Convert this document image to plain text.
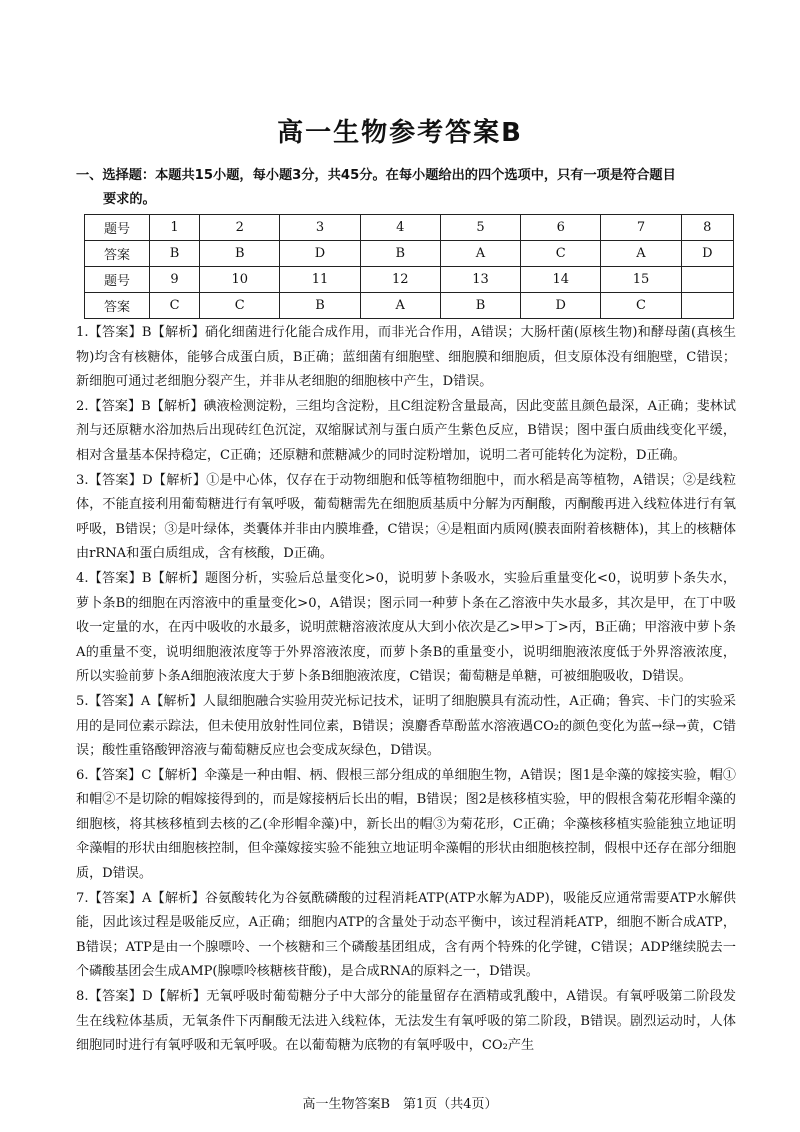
高一生物参考答案B
一、选择题：本题共15小题，每小题3分，共45分。在每小题给出的四个选项中，只有一项是符合题目
要求的。
题号	1	2	3	4	5	6	7	8
答案	B	B	D	B	A	C	A	D
题号	9	10	11	12	13	14	15	
答案	C	C	B	A	B	D	C	

1.【答案】B【解析】硝化细菌进行化能合成作用，而非光合作用，A错误；大肠杆菌(原核生物)和酵母菌(真核生物)均含有核糖体，能够合成蛋白质，B正确；蓝细菌有细胞壁、细胞膜和细胞质，但支原体没有细胞壁，C错误；新细胞可通过老细胞分裂产生，并非从老细胞的细胞核中产生，D错误。

2.【答案】B【解析】碘液检测淀粉，三组均含淀粉，且C组淀粉含量最高，因此变蓝且颜色最深，A正确；斐林试剂与还原糖水浴加热后出现砖红色沉淀，双缩脲试剂与蛋白质产生紫色反应，B错误；图中蛋白质曲线变化平缓，相对含量基本保持稳定，C正确；还原糖和蔗糖减少的同时淀粉增加，说明二者可能转化为淀粉，D正确。

3.【答案】D【解析】①是中心体，仅存在于动物细胞和低等植物细胞中，而水稻是高等植物，A错误；②是线粒体，不能直接利用葡萄糖进行有氧呼吸，葡萄糖需先在细胞质基质中分解为丙酮酸，丙酮酸再进入线粒体进行有氧呼吸，B错误；③是叶绿体，类囊体并非由内膜堆叠，C错误；④是粗面内质网(膜表面附着核糖体)，其上的核糖体由rRNA和蛋白质组成，含有核酸，D正确。

4.【答案】B【解析】题图分析，实验后总量变化>0，说明萝卜条吸水，实验后重量变化<0，说明萝卜条失水，萝卜条B的细胞在丙溶液中的重量变化>0，A错误；图示同一种萝卜条在乙溶液中失水最多，其次是甲，在丁中吸收一定量的水，在丙中吸收的水最多，说明蔗糖溶液浓度从大到小依次是乙>甲>丁>丙，B正确；甲溶液中萝卜条A的重量不变，说明细胞液浓度等于外界溶液浓度，而萝卜条B的重量变小，说明细胞液浓度低于外界溶液浓度，所以实验前萝卜条A细胞液浓度大于萝卜条B细胞液浓度，C错误；葡萄糖是单糖，可被细胞吸收，D错误。

5.【答案】A【解析】人鼠细胞融合实验用荧光标记技术，证明了细胞膜具有流动性，A正确；鲁宾、卡门的实验采用的是同位素示踪法，但未使用放射性同位素，B错误；溴麝香草酚蓝水溶液遇CO₂的颜色变化为蓝→绿→黄，C错误；酸性重铬酸钾溶液与葡萄糖反应也会变成灰绿色，D错误。

6.【答案】C【解析】伞藻是一种由帽、柄、假根三部分组成的单细胞生物，A错误；图1是伞藻的嫁接实验，帽①和帽②不是切除的帽嫁接得到的，而是嫁接柄后长出的帽，B错误；图2是核移植实验，甲的假根含菊花形帽伞藻的细胞核，将其核移植到去核的乙(伞形帽伞藻)中，新长出的帽③为菊花形，C正确；伞藻核移植实验能独立地证明伞藻帽的形状由细胞核控制，但伞藻嫁接实验不能独立地证明伞藻帽的形状由细胞核控制，假根中还存在部分细胞质，D错误。

7.【答案】A【解析】谷氨酸转化为谷氨酰磷酸的过程消耗ATP(ATP水解为ADP)，吸能反应通常需要ATP水解供能，因此该过程是吸能反应，A正确；细胞内ATP的含量处于动态平衡中，该过程消耗ATP，细胞不断合成ATP，B错误；ATP是由一个腺嘌呤、一个核糖和三个磷酸基团组成，含有两个特殊的化学键，C错误；ADP继续脱去一个磷酸基团会生成AMP(腺嘌呤核糖核苷酸)，是合成RNA的原料之一，D错误。

8.【答案】D【解析】无氧呼吸时葡萄糖分子中大部分的能量留存在酒精或乳酸中，A错误。有氧呼吸第二阶段发生在线粒体基质，无氧条件下丙酮酸无法进入线粒体，无法发生有氧呼吸的第二阶段，B错误。剧烈运动时，人体细胞同时进行有氧呼吸和无氧呼吸。在以葡萄糖为底物的有氧呼吸中，CO₂产生

高一生物答案B　第1页（共4页）
